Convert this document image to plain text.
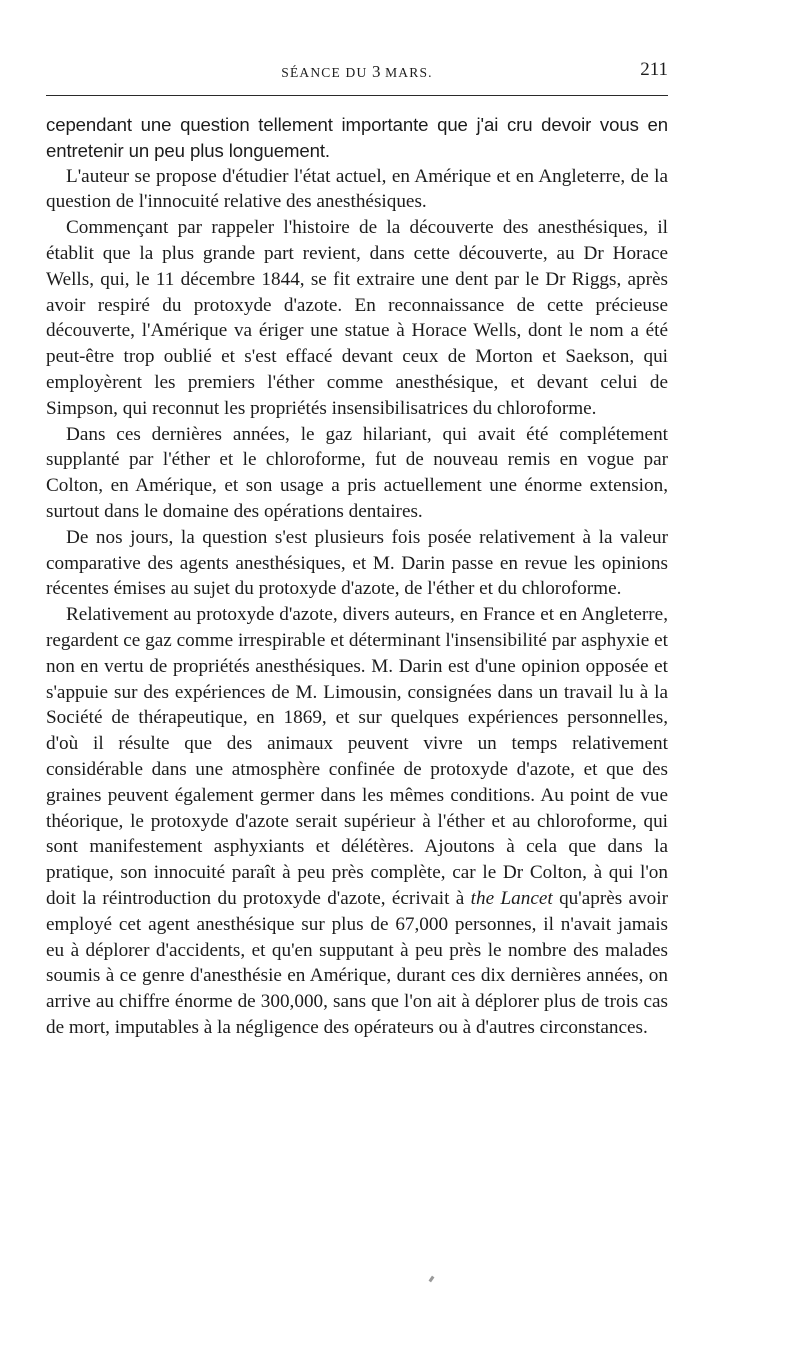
SÉANCE DU 3 MARS.	211

cependant une question tellement importante que j'ai cru devoir vous en entretenir un peu plus longuement.

L'auteur se propose d'étudier l'état actuel, en Amérique et en Angleterre, de la question de l'innocuité relative des anesthésiques.

Commençant par rappeler l'histoire de la découverte des anesthésiques, il établit que la plus grande part revient, dans cette découverte, au Dr Horace Wells, qui, le 11 décembre 1844, se fit extraire une dent par le Dr Riggs, après avoir respiré du protoxyde d'azote. En reconnaissance de cette précieuse découverte, l'Amérique va ériger une statue à Horace Wells, dont le nom a été peut-être trop oublié et s'est effacé devant ceux de Morton et Saekson, qui employèrent les premiers l'éther comme anesthésique, et devant celui de Simpson, qui reconnut les propriétés insensibilisatrices du chloroforme.

Dans ces dernières années, le gaz hilariant, qui avait été complétement supplanté par l'éther et le chloroforme, fut de nouveau remis en vogue par Colton, en Amérique, et son usage a pris actuellement une énorme extension, surtout dans le domaine des opérations dentaires.

De nos jours, la question s'est plusieurs fois posée relativement à la valeur comparative des agents anesthésiques, et M. Darin passe en revue les opinions récentes émises au sujet du protoxyde d'azote, de l'éther et du chloroforme.

Relativement au protoxyde d'azote, divers auteurs, en France et en Angleterre, regardent ce gaz comme irrespirable et déterminant l'insensibilité par asphyxie et non en vertu de propriétés anesthésiques. M. Darin est d'une opinion opposée et s'appuie sur des expériences de M. Limousin, consignées dans un travail lu à la Société de thérapeutique, en 1869, et sur quelques expériences personnelles, d'où il résulte que des animaux peuvent vivre un temps relativement considérable dans une atmosphère confinée de protoxyde d'azote, et que des graines peuvent également germer dans les mêmes conditions. Au point de vue théorique, le protoxyde d'azote serait supérieur à l'éther et au chloroforme, qui sont manifestement asphyxiants et délétères. Ajoutons à cela que dans la pratique, son innocuité paraît à peu près complète, car le Dr Colton, à qui l'on doit la réintroduction du protoxyde d'azote, écrivait à the Lancet qu'après avoir employé cet agent anesthésique sur plus de 67,000 personnes, il n'avait jamais eu à déplorer d'accidents, et qu'en supputant à peu près le nombre des malades soumis à ce genre d'anesthésie en Amérique, durant ces dix dernières années, on arrive au chiffre énorme de 300,000, sans que l'on ait à déplorer plus de trois cas de mort, imputables à la négligence des opérateurs ou à d'autres circonstances.
